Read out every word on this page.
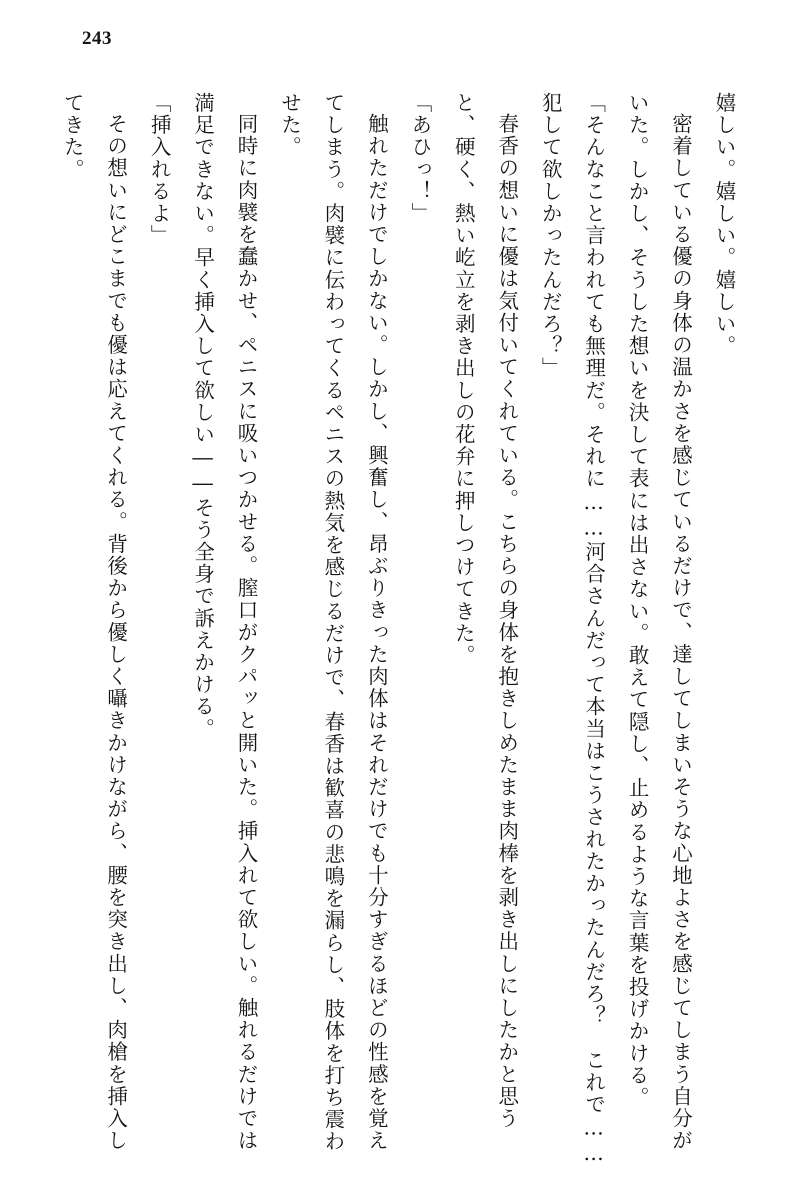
243

嬉しい。嬉しい。嬉しい。

密着している優の身体の温かさを感じているだけで、達してしまいそうな心地よさを感じてしまう自分がいた。しかし、そうした想いを決して表には出さない。敢えて隠し、止めるような言葉を投げかける。

「そんなこと言われても無理だ。それに……河合さんだって本当はこうされたかったんだろ？　これで……犯して欲しかったんだろ？」

春香の想いに優は気付いてくれている。こちらの身体を抱きしめたまま肉棒を剥き出しにしたかと思うと、硬く、熱い屹立を剥き出しの花弁に押しつけてきた。

「あひっ！」

触れただけでしかない。しかし、興奮し、昂ぶりきった肉体はそれだけでも十分すぎるほどの性感を覚えてしまう。肉襞に伝わってくるペニスの熱気を感じるだけで、春香は歓喜の悲鳴を漏らし、肢体を打ち震わせた。

同時に肉襞を蠢かせ、ペニスに吸いつかせる。膣口がクパッと開いた。挿入れて欲しい。触れるだけでは満足できない。早く挿入して欲しい――そう全身で訴えかける。

「挿入れるよ」

その想いにどこまでも優は応えてくれる。背後から優しく囁きかけながら、腰を突き出し、肉槍を挿入してきた。
